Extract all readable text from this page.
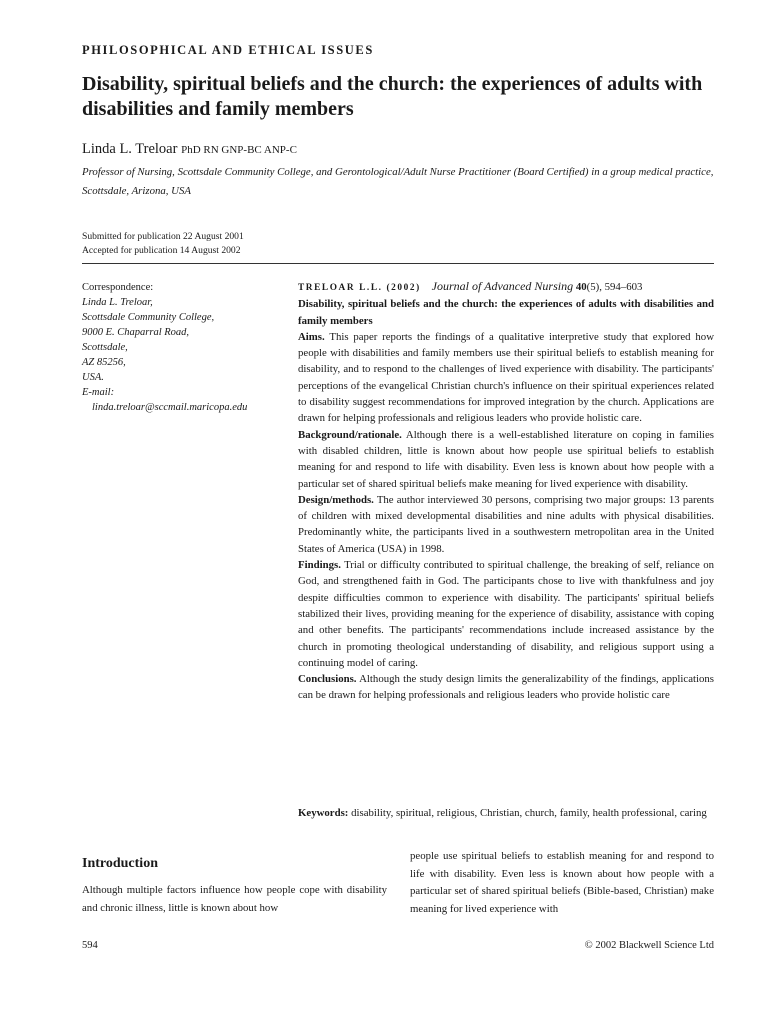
PHILOSOPHICAL AND ETHICAL ISSUES
Disability, spiritual beliefs and the church: the experiences of adults with disabilities and family members
Linda L. Treloar PhD RN GNP-BC ANP-C
Professor of Nursing, Scottsdale Community College, and Gerontological/Adult Nurse Practitioner (Board Certified) in a group medical practice, Scottsdale, Arizona, USA
Submitted for publication 22 August 2001
Accepted for publication 14 August 2002
Correspondence:
Linda L. Treloar,
Scottsdale Community College,
9000 E. Chaparral Road,
Scottsdale,
AZ 85256,
USA.
E-mail:
linda.treloar@sccmail.maricopa.edu

TRELOAR L.L. (2002) Journal of Advanced Nursing 40(5), 594–603

Disability, spiritual beliefs and the church: the experiences of adults with disabilities and family members

Aims. This paper reports the findings of a qualitative interpretive study that explored how people with disabilities and family members use their spiritual beliefs to establish meaning for disability, and to respond to the challenges of lived experience with disability. The participants' perceptions of the evangelical Christian church's influence on their spiritual experiences related to disability suggest recommendations for improved integration by the church. Applications are drawn for helping professionals and religious leaders who provide holistic care.

Background/rationale. Although there is a well-established literature on coping in families with disabled children, little is known about how people use spiritual beliefs to establish meaning for and respond to life with disability. Even less is known about how people with a particular set of shared spiritual beliefs make meaning for lived experience with disability.

Design/methods. The author interviewed 30 persons, comprising two major groups: 13 parents of children with mixed developmental disabilities and nine adults with physical disabilities. Predominantly white, the participants lived in a southwestern metropolitan area in the United States of America (USA) in 1998.

Findings. Trial or difficulty contributed to spiritual challenge, the breaking of self, reliance on God, and strengthened faith in God. The participants chose to live with thankfulness and joy despite difficulties common to experience with disability. The participants' spiritual beliefs stabilized their lives, providing meaning for the experience of disability, assistance with coping and other benefits. The participants' recommendations include increased assistance by the church in promoting theological understanding of disability, and religious support using a continuing model of caring.

Conclusions. Although the study design limits the generalizability of the findings, applications can be drawn for helping professionals and religious leaders who provide holistic care

Keywords: disability, spiritual, religious, Christian, church, family, health professional, caring
Introduction
Although multiple factors influence how people cope with disability and chronic illness, little is known about how
people use spiritual beliefs to establish meaning for and respond to life with disability. Even less is known about how people with a particular set of shared spiritual beliefs (Bible-based, Christian) make meaning for lived experience with
594	© 2002 Blackwell Science Ltd
